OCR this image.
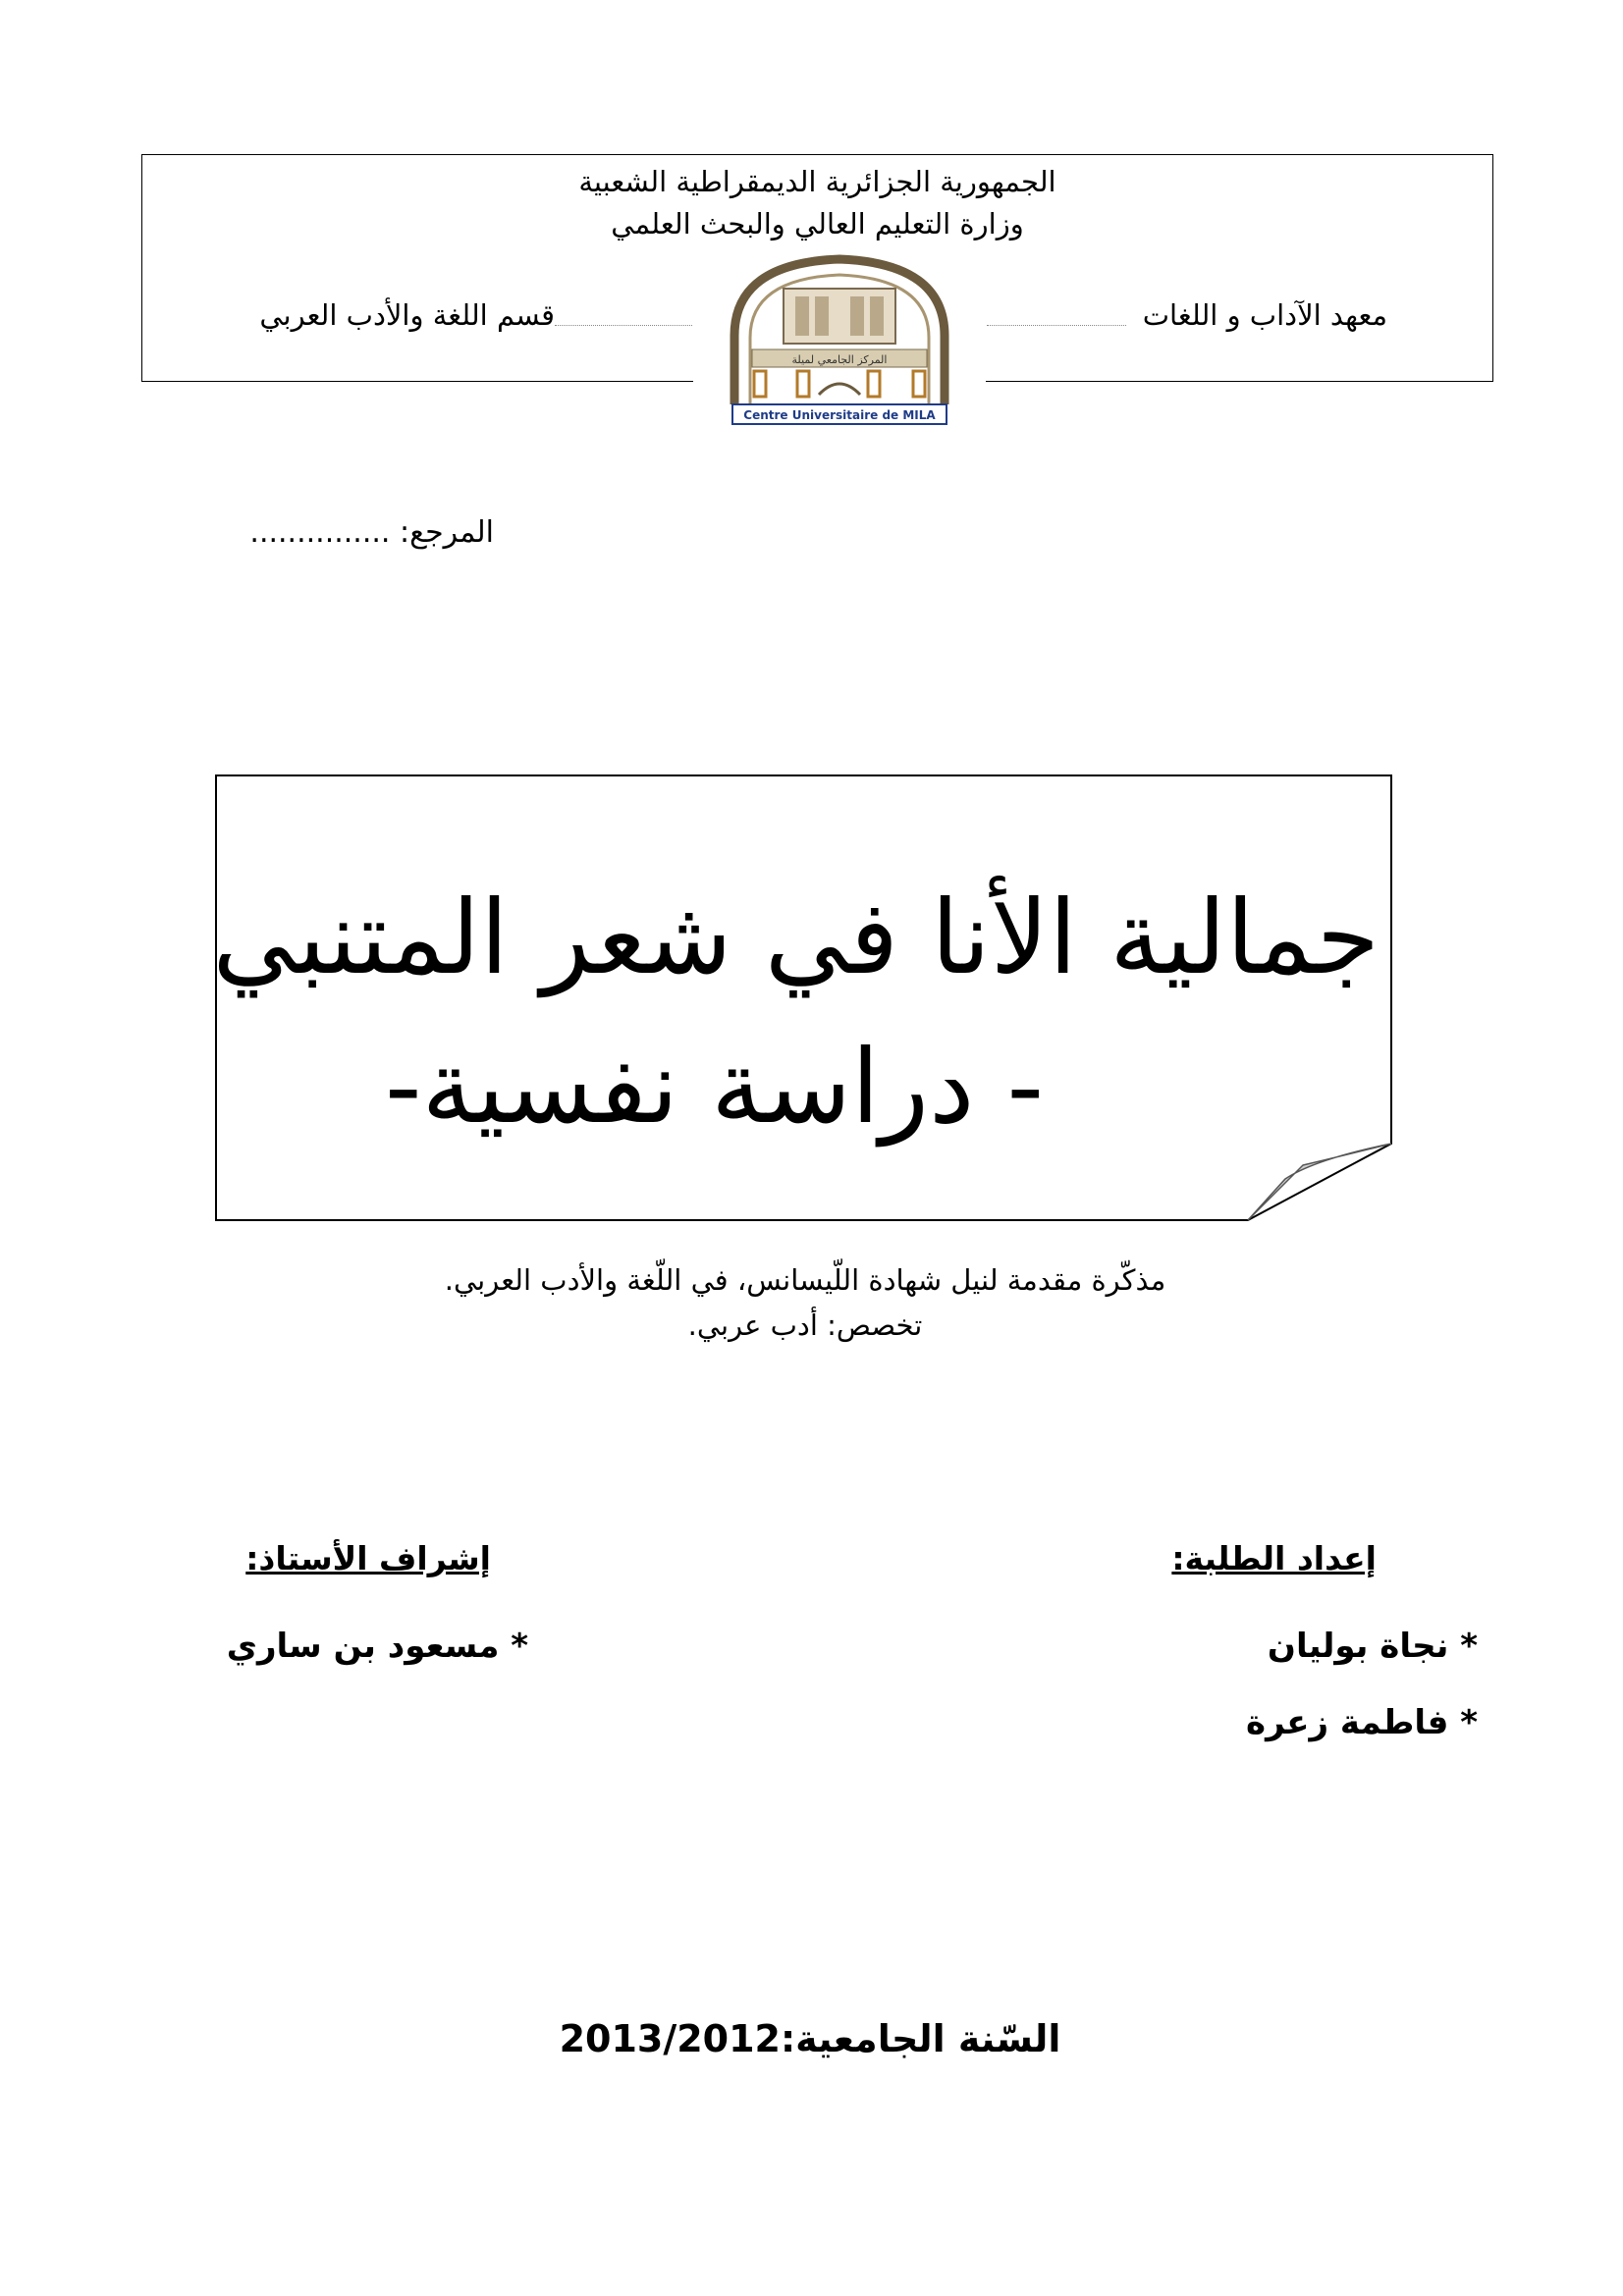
الجمهورية الجزائرية الديمقراطية الشعبية
وزارة التعليم العالي والبحث العلمي
معهد الآداب و اللغات
قسم اللغة والأدب العربي
المركز الجامعي لميلة
Centre Universitaire de MILA
المرجع: ...............
جمالية الأنا في شعر المتنبي
- دراسة نفسية-
مذكّرة مقدمة لنيل شهادة اللّيسانس، في اللّغة والأدب العربي.
تخصص: أدب عربي.
إعداد الطلبة:
* نجاة بوليان
* فاطمة زعرة
إشراف الأستاذ:
* مسعود بن ساري
السّنة الجامعية:2013/2012
